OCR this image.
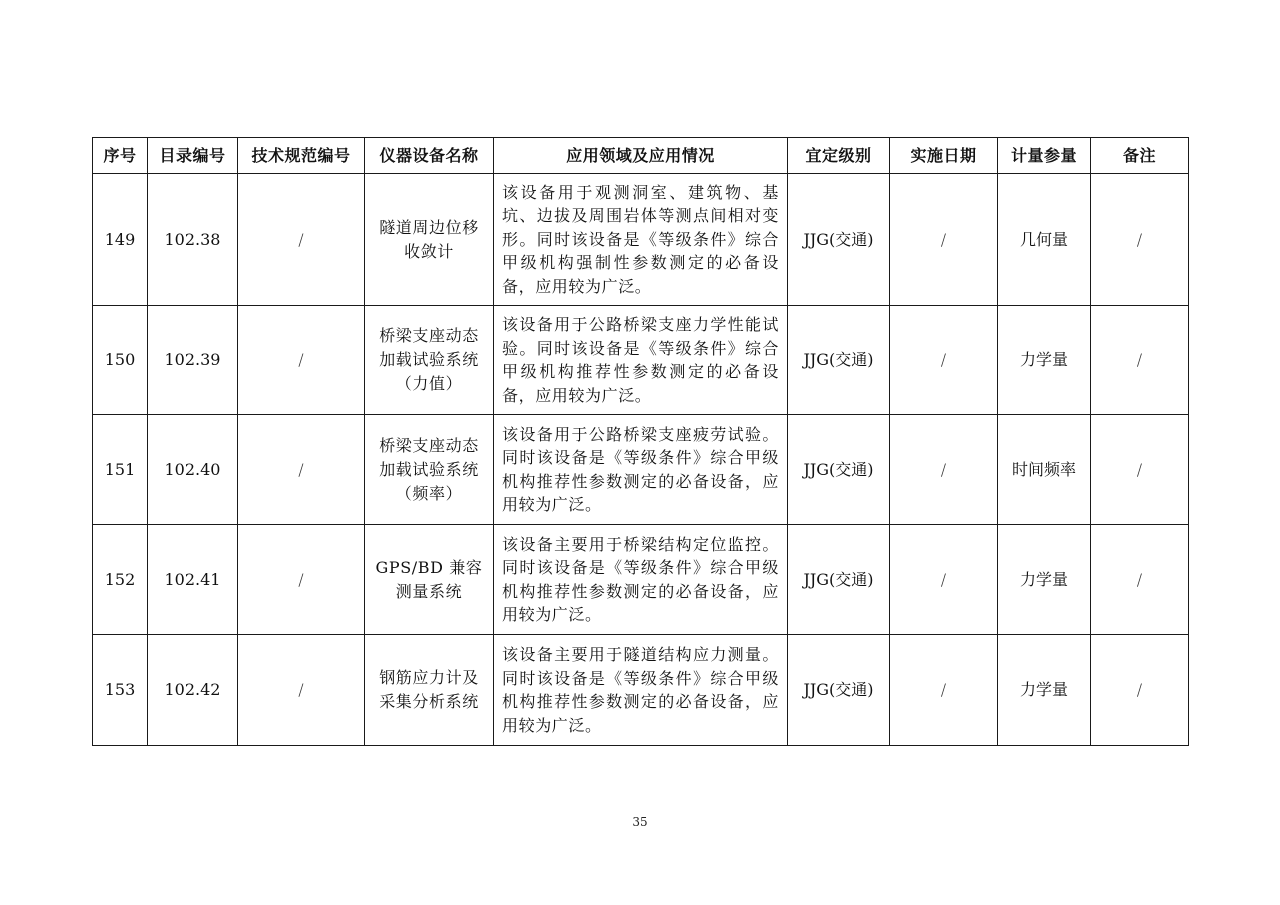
序号	目录编号	技术规范编号	仪器设备名称	应用领域及应用情况	宜定级别	实施日期	计量参量	备注
149	102.38	/	隧道周边位移收敛计	该设备用于观测洞室、建筑物、基坑、边拔及周围岩体等测点间相对变形。同时该设备是《等级条件》综合甲级机构强制性参数测定的必备设备，应用较为广泛。	JJG(交通)	/	几何量	/
150	102.39	/	桥梁支座动态加载试验系统（力值）	该设备用于公路桥梁支座力学性能试验。同时该设备是《等级条件》综合甲级机构推荐性参数测定的必备设备，应用较为广泛。	JJG(交通)	/	力学量	/
151	102.40	/	桥梁支座动态加载试验系统（频率）	该设备用于公路桥梁支座疲劳试验。同时该设备是《等级条件》综合甲级机构推荐性参数测定的必备设备，应用较为广泛。	JJG(交通)	/	时间频率	/
152	102.41	/	GPS/BD 兼容测量系统	该设备主要用于桥梁结构定位监控。同时该设备是《等级条件》综合甲级机构推荐性参数测定的必备设备，应用较为广泛。	JJG(交通)	/	力学量	/
153	102.42	/	钢筋应力计及采集分析系统	该设备主要用于隧道结构应力测量。同时该设备是《等级条件》综合甲级机构推荐性参数测定的必备设备，应用较为广泛。	JJG(交通)	/	力学量	/
35
